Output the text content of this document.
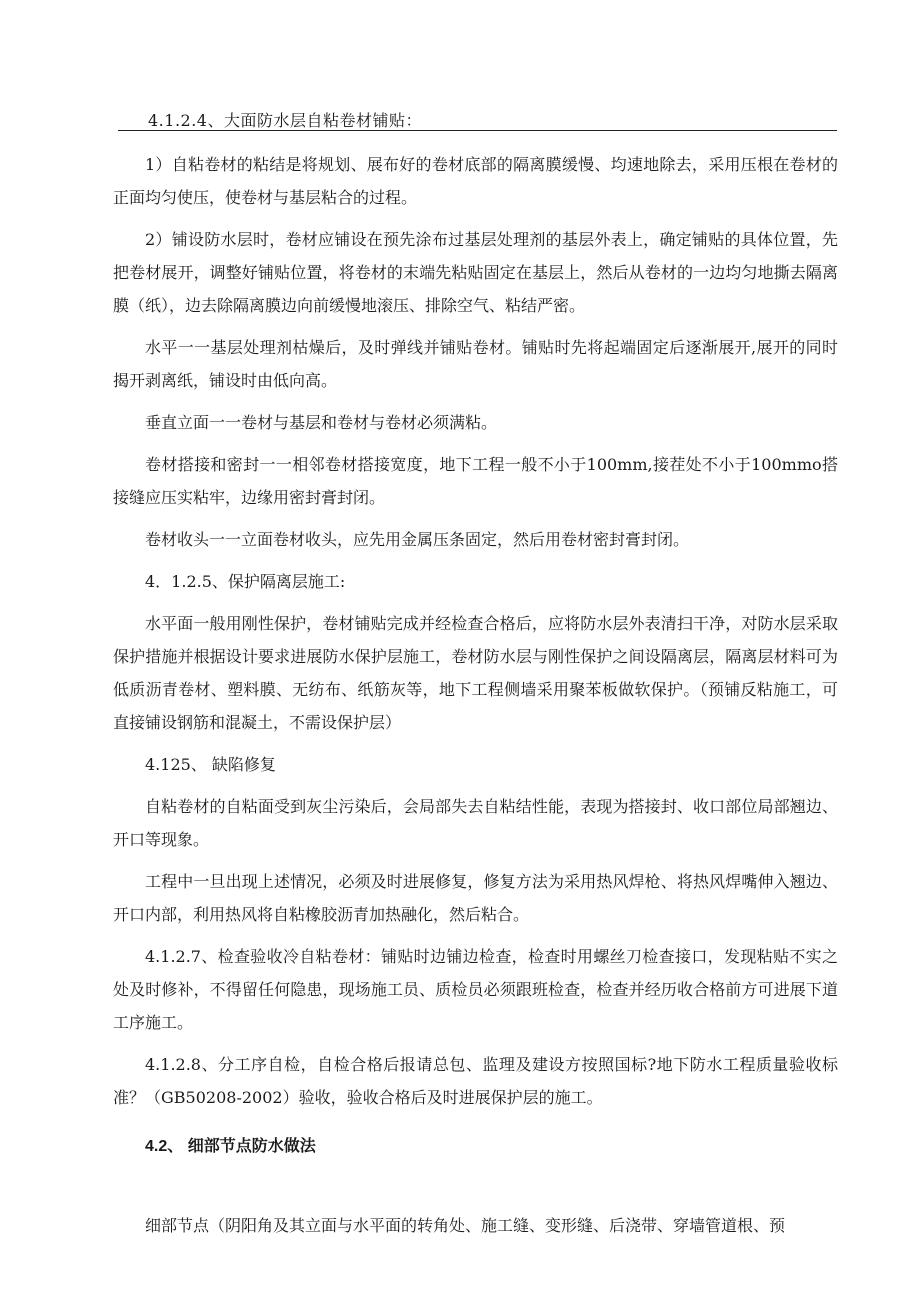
4.1.2.4、大面防水层自粘卷材铺贴：

1）自粘卷材的粘结是将规划、展布好的卷材底部的隔离膜缓慢、均速地除去，采用压根在卷材的正面均匀使压，使卷材与基层粘合的过程。

2）铺设防水层时，卷材应铺设在预先涂布过基层处理剂的基层外表上，确定铺贴的具体位置，先把卷材展开，调整好铺贴位置，将卷材的末端先粘贴固定在基层上，然后从卷材的一边均匀地撕去隔离膜（纸），边去除隔离膜边向前缓慢地滚压、排除空气、粘结严密。

水平一一基层处理剂枯燥后，及时弹线并铺贴卷材。铺贴时先将起端固定后逐渐展开,展开的同时揭开剥离纸，铺设时由低向高。

垂直立面一一卷材与基层和卷材与卷材必须满粘。

卷材搭接和密封一一相邻卷材搭接宽度，地下工程一般不小于100mm,接茬处不小于100mmo搭接缝应压实粘牢，边缘用密封膏封闭。

卷材收头一一立面卷材收头，应先用金属压条固定，然后用卷材密封膏封闭。

4．1.2.5、保护隔离层施工:

水平面一般用刚性保护，卷材铺贴完成并经检查合格后，应将防水层外表清扫干净，对防水层采取保护措施并根据设计要求进展防水保护层施工，卷材防水层与刚性保护之间设隔离层，隔离层材料可为低质沥青卷材、塑料膜、无纺布、纸筋灰等，地下工程侧墙采用聚苯板做软保护。（预铺反粘施工，可直接铺设钢筋和混凝土，不需设保护层）

4.125、 缺陷修复

自粘卷材的自粘面受到灰尘污染后，会局部失去自粘结性能，表现为搭接封、收口部位局部翘边、开口等现象。

工程中一旦出现上述情况，必须及时进展修复，修复方法为采用热风焊枪、将热风焊嘴伸入翘边、开口内部，利用热风将自粘橡胶沥青加热融化，然后粘合。

4.1.2.7、检查验收冷自粘卷材：铺贴时边铺边检查，检查时用螺丝刀检查接口，发现粘贴不实之处及时修补，不得留任何隐患，现场施工员、质检员必须跟班检查，检查并经历收合格前方可进展下道工序施工。

4.1.2.8、分工序自检，自检合格后报请总包、监理及建设方按照国标?地下防水工程质量验收标准？（GB50208-2002）验收，验收合格后及时进展保护层的施工。

4.2、 细部节点防水做法

细部节点（阴阳角及其立面与水平面的转角处、施工缝、变形缝、后浇带、穿墙管道根、预
